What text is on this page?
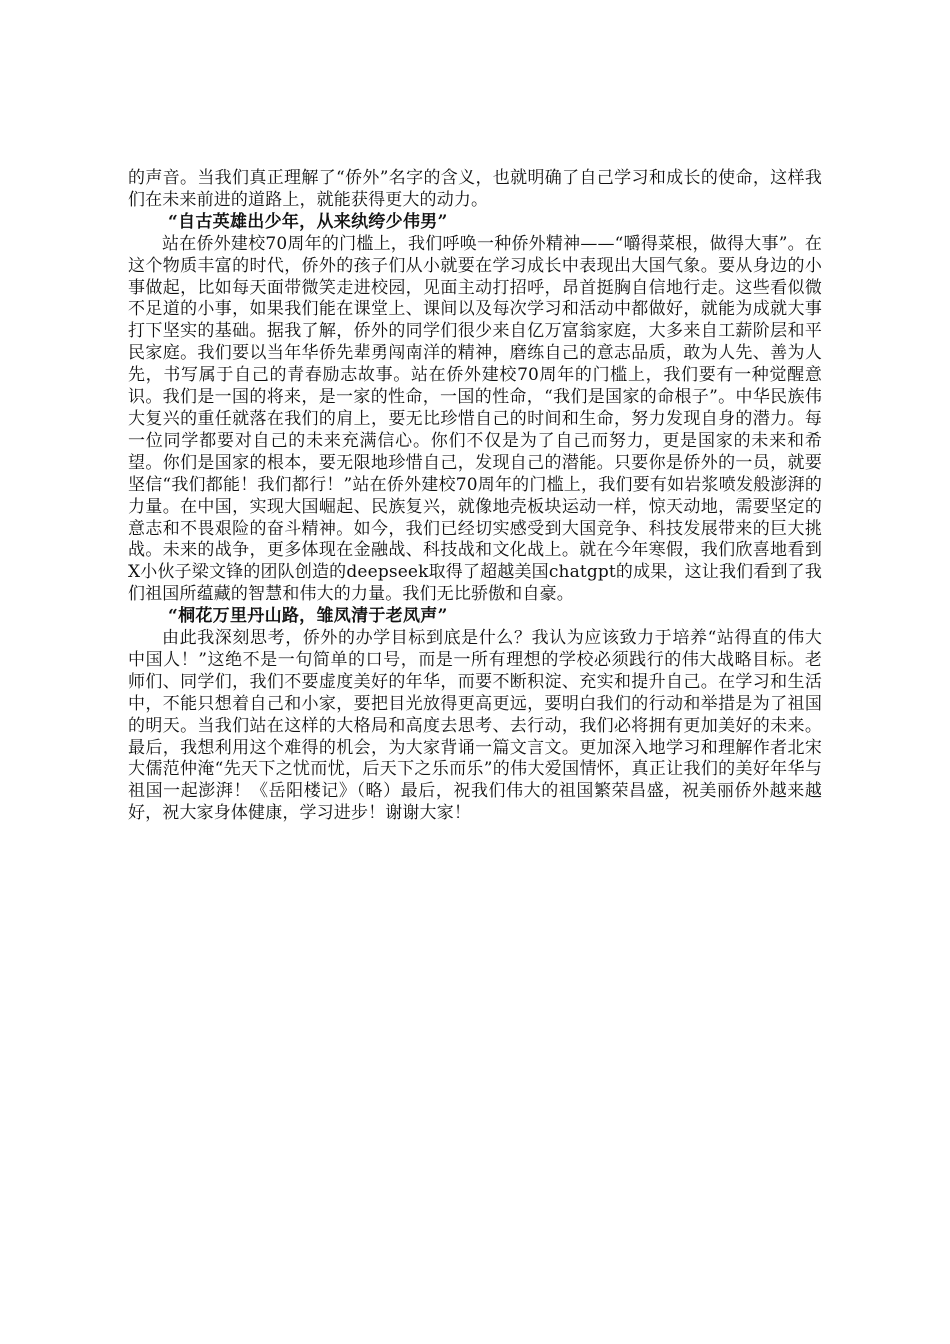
的声音。当我们真正理解了“侨外”名字的含义，也就明确了自己学习和成长的使命，这样我们在未来前进的道路上，就能获得更大的动力。

“自古英雄出少年，从来纨绔少伟男”

站在侨外建校70周年的门槛上，我们呼唤一种侨外精神——“嚼得菜根，做得大事”。在这个物质丰富的时代，侨外的孩子们从小就要在学习成长中表现出大国气象。要从身边的小事做起，比如每天面带微笑走进校园，见面主动打招呼，昂首挺胸自信地行走。这些看似微不足道的小事，如果我们能在课堂上、课间以及每次学习和活动中都做好，就能为成就大事打下坚实的基础。据我了解，侨外的同学们很少来自亿万富翁家庭，大多来自工薪阶层和平民家庭。我们要以当年华侨先辈勇闯南洋的精神，磨练自己的意志品质，敢为人先、善为人先，书写属于自己的青春励志故事。站在侨外建校70周年的门槛上，我们要有一种觉醒意识。我们是一国的将来，是一家的性命，一国的性命，“我们是国家的命根子”。中华民族伟大复兴的重任就落在我们的肩上，要无比珍惜自己的时间和生命，努力发现自身的潜力。每一位同学都要对自己的未来充满信心。你们不仅是为了自己而努力，更是国家的未来和希望。你们是国家的根本，要无限地珍惜自己，发现自己的潜能。只要你是侨外的一员，就要坚信“我们都能！我们都行！”站在侨外建校70周年的门槛上，我们要有如岩浆喷发般澎湃的力量。在中国，实现大国崛起、民族复兴，就像地壳板块运动一样，惊天动地，需要坚定的意志和不畏艰险的奋斗精神。如今，我们已经切实感受到大国竞争、科技发展带来的巨大挑战。未来的战争，更多体现在金融战、科技战和文化战上。就在今年寒假，我们欣喜地看到X小伙子梁文锋的团队创造的deepseek取得了超越美国chatgpt的成果，这让我们看到了我们祖国所蕴藏的智慧和伟大的力量。我们无比骄傲和自豪。

“桐花万里丹山路，雏凤清于老凤声”

由此我深刻思考，侨外的办学目标到底是什么？我认为应该致力于培养“站得直的伟大中国人！”这绝不是一句简单的口号，而是一所有理想的学校必须践行的伟大战略目标。老师们、同学们，我们不要虚度美好的年华，而要不断积淀、充实和提升自己。在学习和生活中，不能只想着自己和小家，要把目光放得更高更远，要明白我们的行动和举措是为了祖国的明天。当我们站在这样的大格局和高度去思考、去行动，我们必将拥有更加美好的未来。最后，我想利用这个难得的机会，为大家背诵一篇文言文。更加深入地学习和理解作者北宋大儒范仲淹“先天下之忧而忧，后天下之乐而乐”的伟大爱国情怀，真正让我们的美好年华与祖国一起澎湃！《岳阳楼记》（略）最后，祝我们伟大的祖国繁荣昌盛，祝美丽侨外越来越好，祝大家身体健康，学习进步！谢谢大家！
